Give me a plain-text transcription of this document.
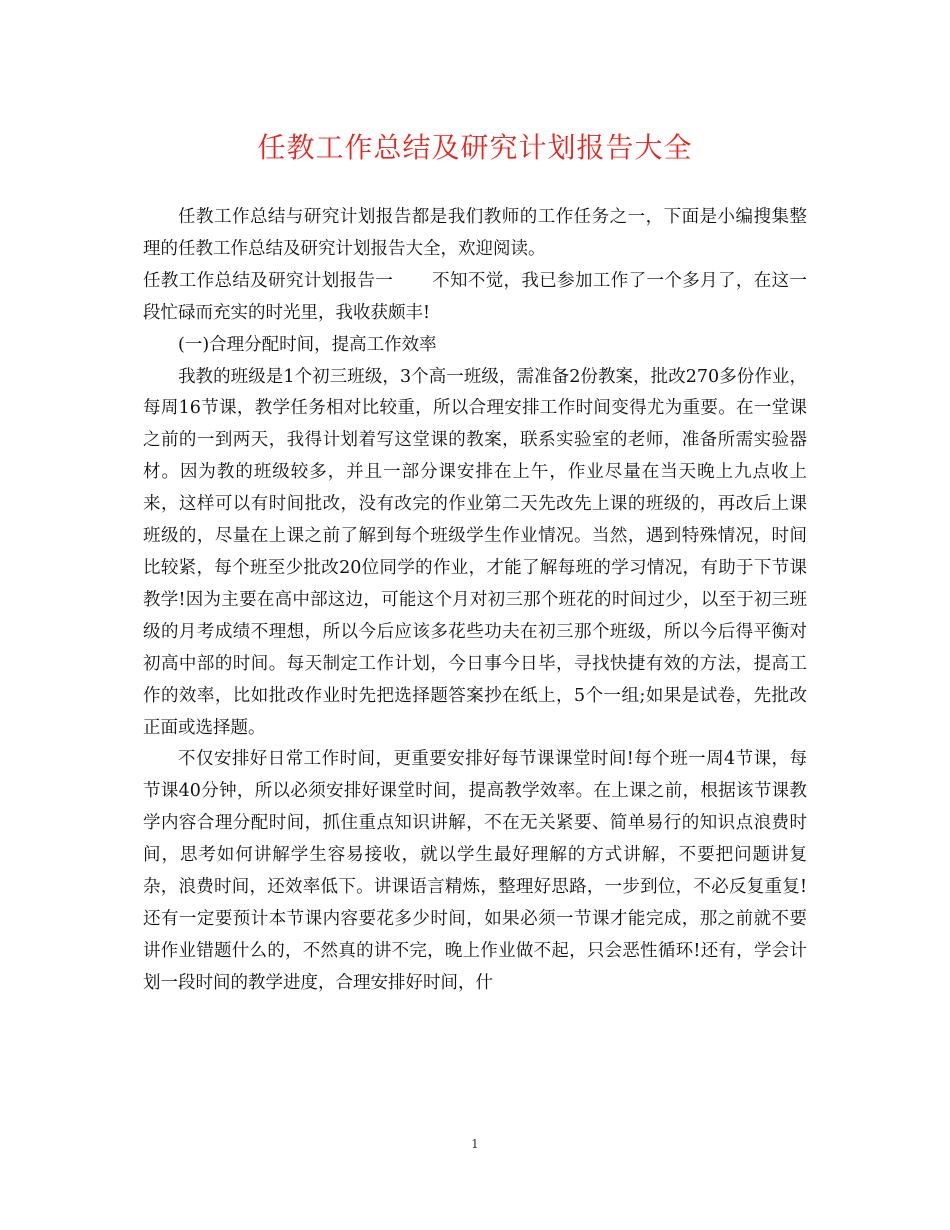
任教工作总结及研究计划报告大全

任教工作总结与研究计划报告都是我们教师的工作任务之一，下面是小编搜集整理的任教工作总结及研究计划报告大全，欢迎阅读。

任教工作总结及研究计划报告一 不知不觉，我已参加工作了一个多月了，在这一段忙碌而充实的时光里，我收获颇丰!

(一)合理分配时间，提高工作效率

我教的班级是1个初三班级，3个高一班级，需准备2份教案，批改270多份作业，每周16节课，教学任务相对比较重，所以合理安排工作时间变得尤为重要。在一堂课之前的一到两天，我得计划着写这堂课的教案，联系实验室的老师，准备所需实验器材。因为教的班级较多，并且一部分课安排在上午，作业尽量在当天晚上九点收上来，这样可以有时间批改，没有改完的作业第二天先改先上课的班级的，再改后上课班级的，尽量在上课之前了解到每个班级学生作业情况。当然，遇到特殊情况，时间比较紧，每个班至少批改20位同学的作业，才能了解每班的学习情况，有助于下节课教学!因为主要在高中部这边，可能这个月对初三那个班花的时间过少，以至于初三班级的月考成绩不理想，所以今后应该多花些功夫在初三那个班级，所以今后得平衡对初高中部的时间。每天制定工作计划，今日事今日毕，寻找快捷有效的方法，提高工作的效率，比如批改作业时先把选择题答案抄在纸上，5个一组;如果是试卷，先批改正面或选择题。

不仅安排好日常工作时间，更重要安排好每节课课堂时间!每个班一周4节课，每节课40分钟，所以必须安排好课堂时间，提高教学效率。在上课之前，根据该节课教学内容合理分配时间，抓住重点知识讲解，不在无关紧要、简单易行的知识点浪费时间，思考如何讲解学生容易接收，就以学生最好理解的方式讲解，不要把问题讲复杂，浪费时间，还效率低下。讲课语言精炼，整理好思路，一步到位，不必反复重复!还有一定要预计本节课内容要花多少时间，如果必须一节课才能完成，那之前就不要讲作业错题什么的，不然真的讲不完，晚上作业做不起，只会恶性循环!还有，学会计划一段时间的教学进度，合理安排好时间，什

1
